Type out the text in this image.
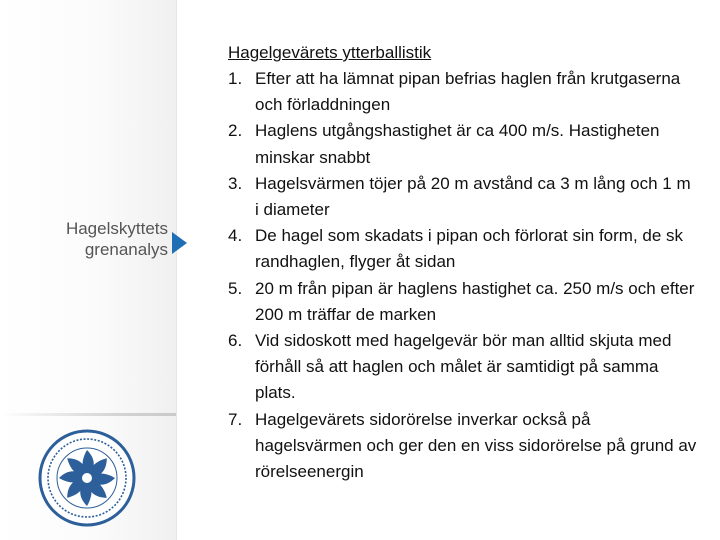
Hagelskyttets
grenanalys
Hagelgevärets ytterballistik
1. Efter att ha lämnat pipan befrias haglen från krutgaserna och förladdningen
2. Haglens utgångshastighet är ca 400 m/s. Hastigheten minskar snabbt
3. Hagelsvärmen töjer på 20 m avstånd ca 3 m lång och 1 m i diameter
4. De hagel som skadats i pipan och förlorat sin form, de sk randhaglen, flyger åt sidan
5. 20 m från pipan är haglens hastighet ca. 250 m/s och efter 200 m träffar de marken
6. Vid sidoskott med hagelgevär bör man alltid skjuta med förhåll så att haglen och målet är samtidigt på samma plats.
7. Hagelgevärets sidorörelse inverkar också på hagelsvärmen och ger den en viss sidorörelse på grund av rörelseenergin
